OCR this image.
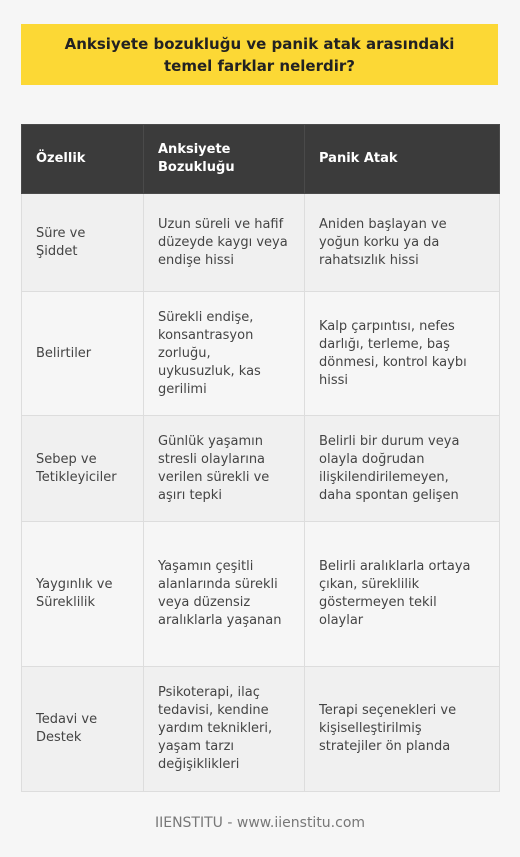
Anksiyete bozukluğu ve panik atak arasındaki temel farklar nelerdir?
Özellik	Anksiyete Bozukluğu	Panik Atak
Süre ve Şiddet	Uzun süreli ve hafif düzeyde kaygı veya endişe hissi	Aniden başlayan ve yoğun korku ya da rahatsızlık hissi
Belirtiler	Sürekli endişe, konsantrasyon zorluğu, uykusuzluk, kas gerilimi	Kalp çarpıntısı, nefes darlığı, terleme, baş dönmesi, kontrol kaybı hissi
Sebep ve Tetikleyiciler	Günlük yaşamın stresli olaylarına verilen sürekli ve aşırı tepki	Belirli bir durum veya olayla doğrudan ilişkilendirilemeyen, daha spontan gelişen
Yaygınlık ve Süreklilik	Yaşamın çeşitli alanlarında sürekli veya düzensiz aralıklarla yaşanan	Belirli aralıklarla ortaya çıkan, süreklilik göstermeyen tekil olaylar
Tedavi ve Destek	Psikoterapi, ilaç tedavisi, kendine yardım teknikleri, yaşam tarzı değişiklikleri	Terapi seçenekleri ve kişiselleştirilmiş stratejiler ön planda
IIENSTITU - www.iienstitu.com
